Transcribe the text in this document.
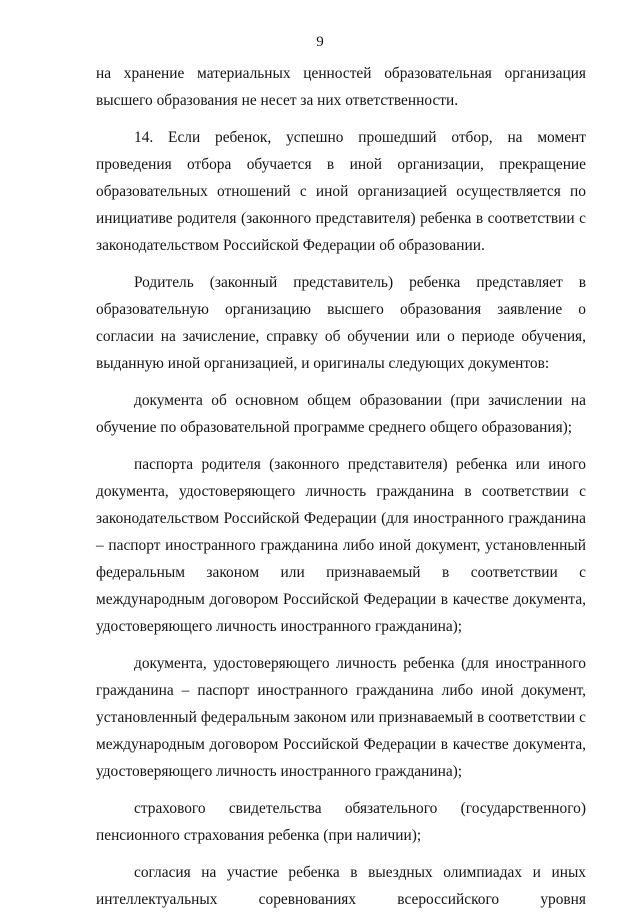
9

на хранение материальных ценностей образовательная организация высшего образования не несет за них ответственности.

14. Если ребенок, успешно прошедший отбор, на момент проведения отбора обучается в иной организации, прекращение образовательных отношений с иной организацией осуществляется по инициативе родителя (законного представителя) ребенка в соответствии с законодательством Российской Федерации об образовании.

Родитель (законный представитель) ребенка представляет в образовательную организацию высшего образования заявление о согласии на зачисление, справку об обучении или о периоде обучения, выданную иной организацией, и оригиналы следующих документов:

документа об основном общем образовании (при зачислении на обучение по образовательной программе среднего общего образования);

паспорта родителя (законного представителя) ребенка или иного документа, удостоверяющего личность гражданина в соответствии с законодательством Российской Федерации (для иностранного гражданина – паспорт иностранного гражданина либо иной документ, установленный федеральным законом или признаваемый в соответствии с международным договором Российской Федерации в качестве документа, удостоверяющего личность иностранного гражданина);

документа, удостоверяющего личность ребенка (для иностранного гражданина – паспорт иностранного гражданина либо иной документ, установленный федеральным законом или признаваемый в соответствии с международным договором Российской Федерации в качестве документа, удостоверяющего личность иностранного гражданина);

страхового свидетельства обязательного (государственного) пенсионного страхования ребенка (при наличии);

согласия на участие ребенка в выездных олимпиадах и иных интеллектуальных соревнованиях всероссийского уровня
